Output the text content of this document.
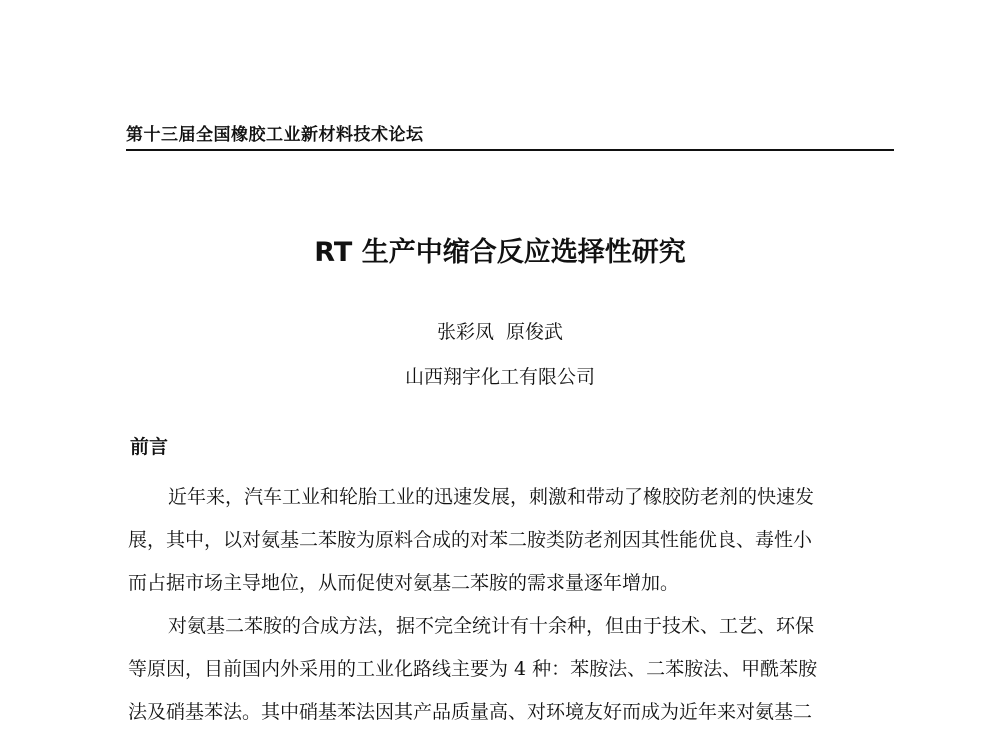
第十三届全国橡胶工业新材料技术论坛
RT 生产中缩合反应选择性研究
张彩凤  原俊武
山西翔宇化工有限公司
前言
近年来，汽车工业和轮胎工业的迅速发展，刺激和带动了橡胶防老剂的快速发
展，其中，以对氨基二苯胺为原料合成的对苯二胺类防老剂因其性能优良、毒性小
而占据市场主导地位，从而促使对氨基二苯胺的需求量逐年增加。
对氨基二苯胺的合成方法，据不完全统计有十余种，但由于技术、工艺、环保
等原因，目前国内外采用的工业化路线主要为 4 种：苯胺法、二苯胺法、甲酰苯胺
法及硝基苯法。其中硝基苯法因其产品质量高、对环境友好而成为近年来对氨基二
